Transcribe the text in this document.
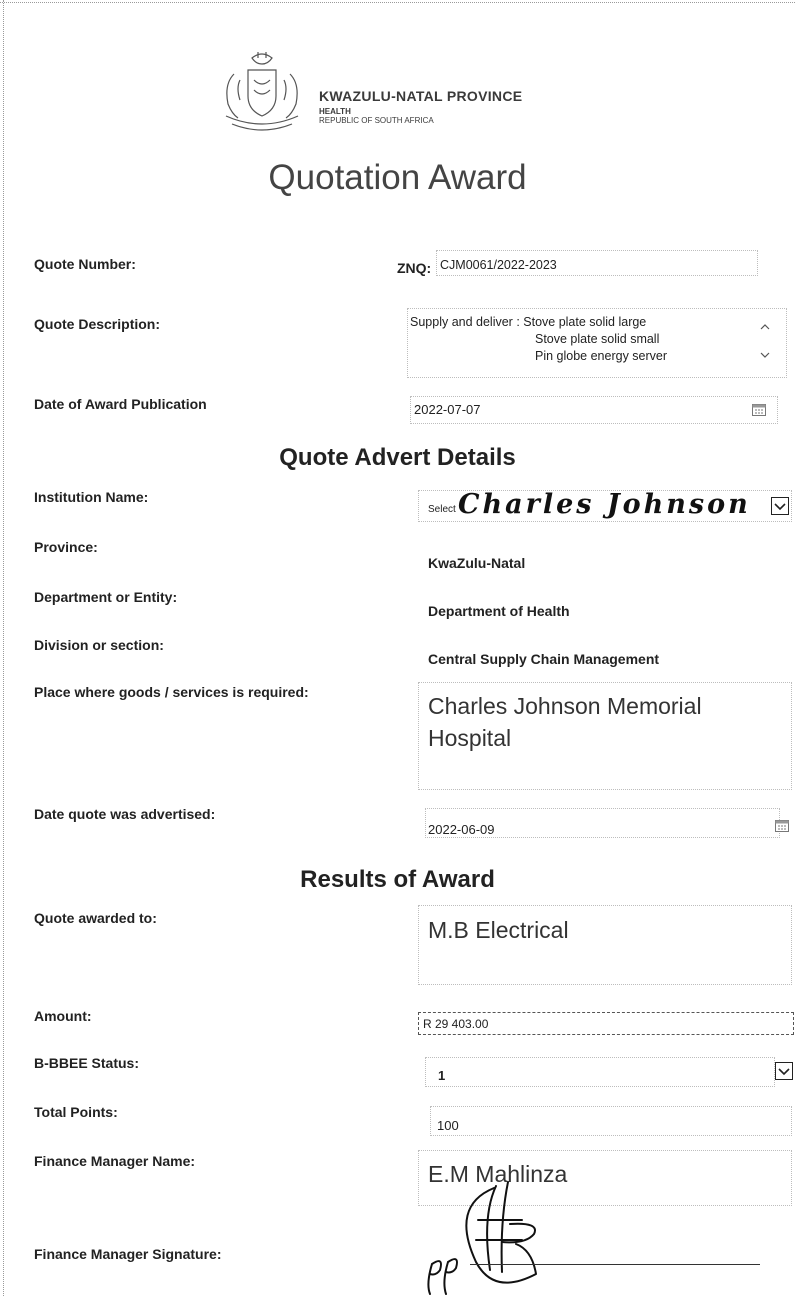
KWAZULU-NATAL PROVINCE
HEALTH
REPUBLIC OF SOUTH AFRICA
Quotation Award
Quote Number:	ZNQ: CJM0061/2022-2023
Quote Description:	Supply and deliver : Stove plate solid large
Stove plate solid small
Pin globe energy server
Date of Award Publication	2022-07-07
Quote Advert Details
Institution Name:
Select Charles Johnson
Province:
KwaZulu-Natal
Department or Entity:
Department of Health
Division or section:
Central Supply Chain Management
Place where goods / services is required:
Charles Johnson Memorial Hospital
Date quote was advertised:
2022-06-09
Results of Award
Quote awarded to:	M.B Electrical
Amount:	R 29 403.00
B-BBEE Status:
1
Total Points:
100
Finance Manager Name:	E.M Mahlinza
Finance Manager Signature:
